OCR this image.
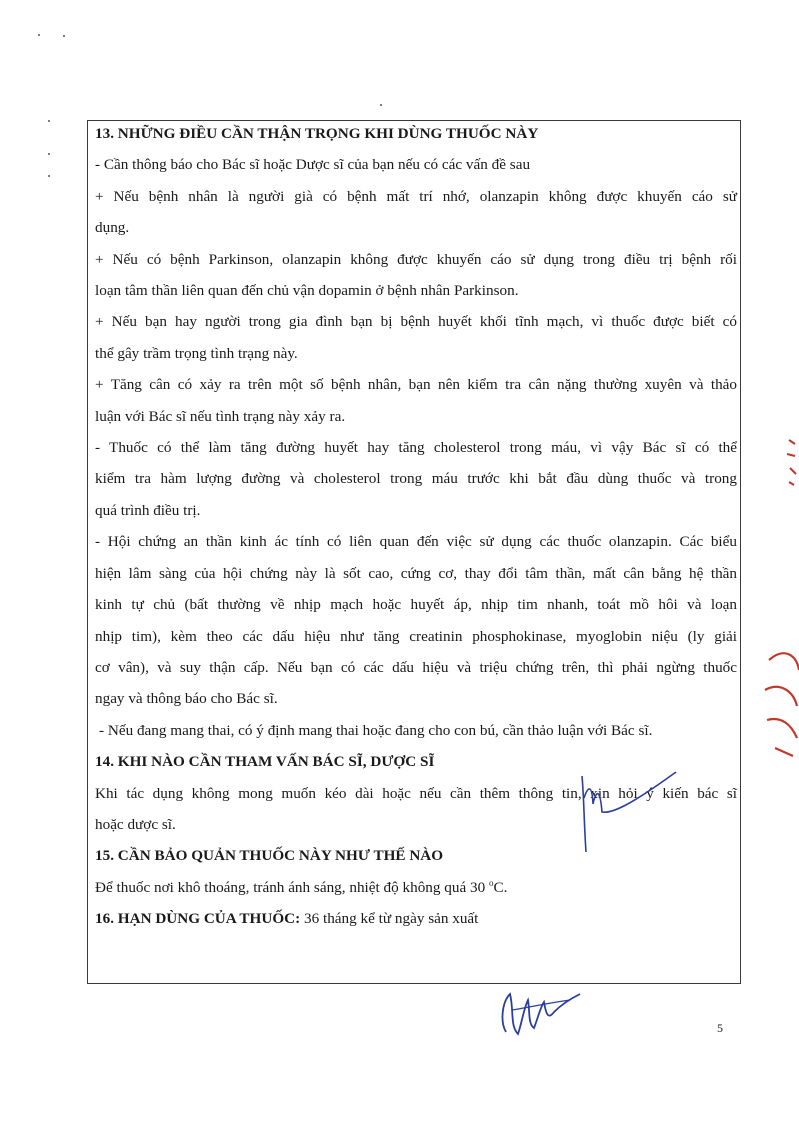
13. NHỮNG ĐIỀU CẦN THẬN TRỌNG KHI DÙNG THUỐC NÀY
- Cần thông báo cho Bác sĩ hoặc Dược sĩ của bạn nếu có các vấn đề sau
+ Nếu bệnh nhân là người già có bệnh mất trí nhớ, olanzapin không được khuyến cáo sử
dụng.
+ Nếu có bệnh Parkinson, olanzapin không được khuyến cáo sử dụng trong điều trị bệnh rối
loạn tâm thần liên quan đến chủ vận dopamin ở bệnh nhân Parkinson.
+ Nếu bạn hay người trong gia đình bạn bị bệnh huyết khối tĩnh mạch, vì thuốc được biết có
thể gây trầm trọng tình trạng này.
+ Tăng cân có xảy ra trên một số bệnh nhân, bạn nên kiểm tra cân nặng thường xuyên và thảo
luận với Bác sĩ nếu tình trạng này xảy ra.
- Thuốc có thể làm tăng đường huyết hay tăng cholesterol trong máu, vì vậy Bác sĩ có thể
kiểm tra hàm lượng đường và cholesterol trong máu trước khi bắt đầu dùng thuốc và trong
quá trình điều trị.
- Hội chứng an thần kinh ác tính có liên quan đến việc sử dụng các thuốc olanzapin. Các biểu
hiện lâm sàng của hội chứng này là sốt cao, cứng cơ, thay đổi tâm thần, mất cân bằng hệ thần
kinh tự chủ (bất thường về nhịp mạch hoặc huyết áp, nhịp tim nhanh, toát mồ hôi và loạn
nhịp tim), kèm theo các dấu hiệu như tăng creatinin phosphokinase, myoglobin niệu (ly giải
cơ vân), và suy thận cấp. Nếu bạn có các dấu hiệu và triệu chứng trên, thì phải ngừng thuốc
ngay và thông báo cho Bác sĩ.
- Nếu đang mang thai, có ý định mang thai hoặc đang cho con bú, cần thảo luận với Bác sĩ.
14. KHI NÀO CẦN THAM VẤN BÁC SĨ, DƯỢC SĨ
Khi tác dụng không mong muốn kéo dài hoặc nếu cần thêm thông tin, xin hỏi ý kiến bác sĩ
hoặc dược sĩ.
15. CẦN BẢO QUẢN THUỐC NÀY NHƯ THẾ NÀO
Để thuốc nơi khô thoáng, tránh ánh sáng, nhiệt độ không quá 30 $^o$C.
16. HẠN DÙNG CỦA THUỐC: 36 tháng kể từ ngày sản xuất
5
